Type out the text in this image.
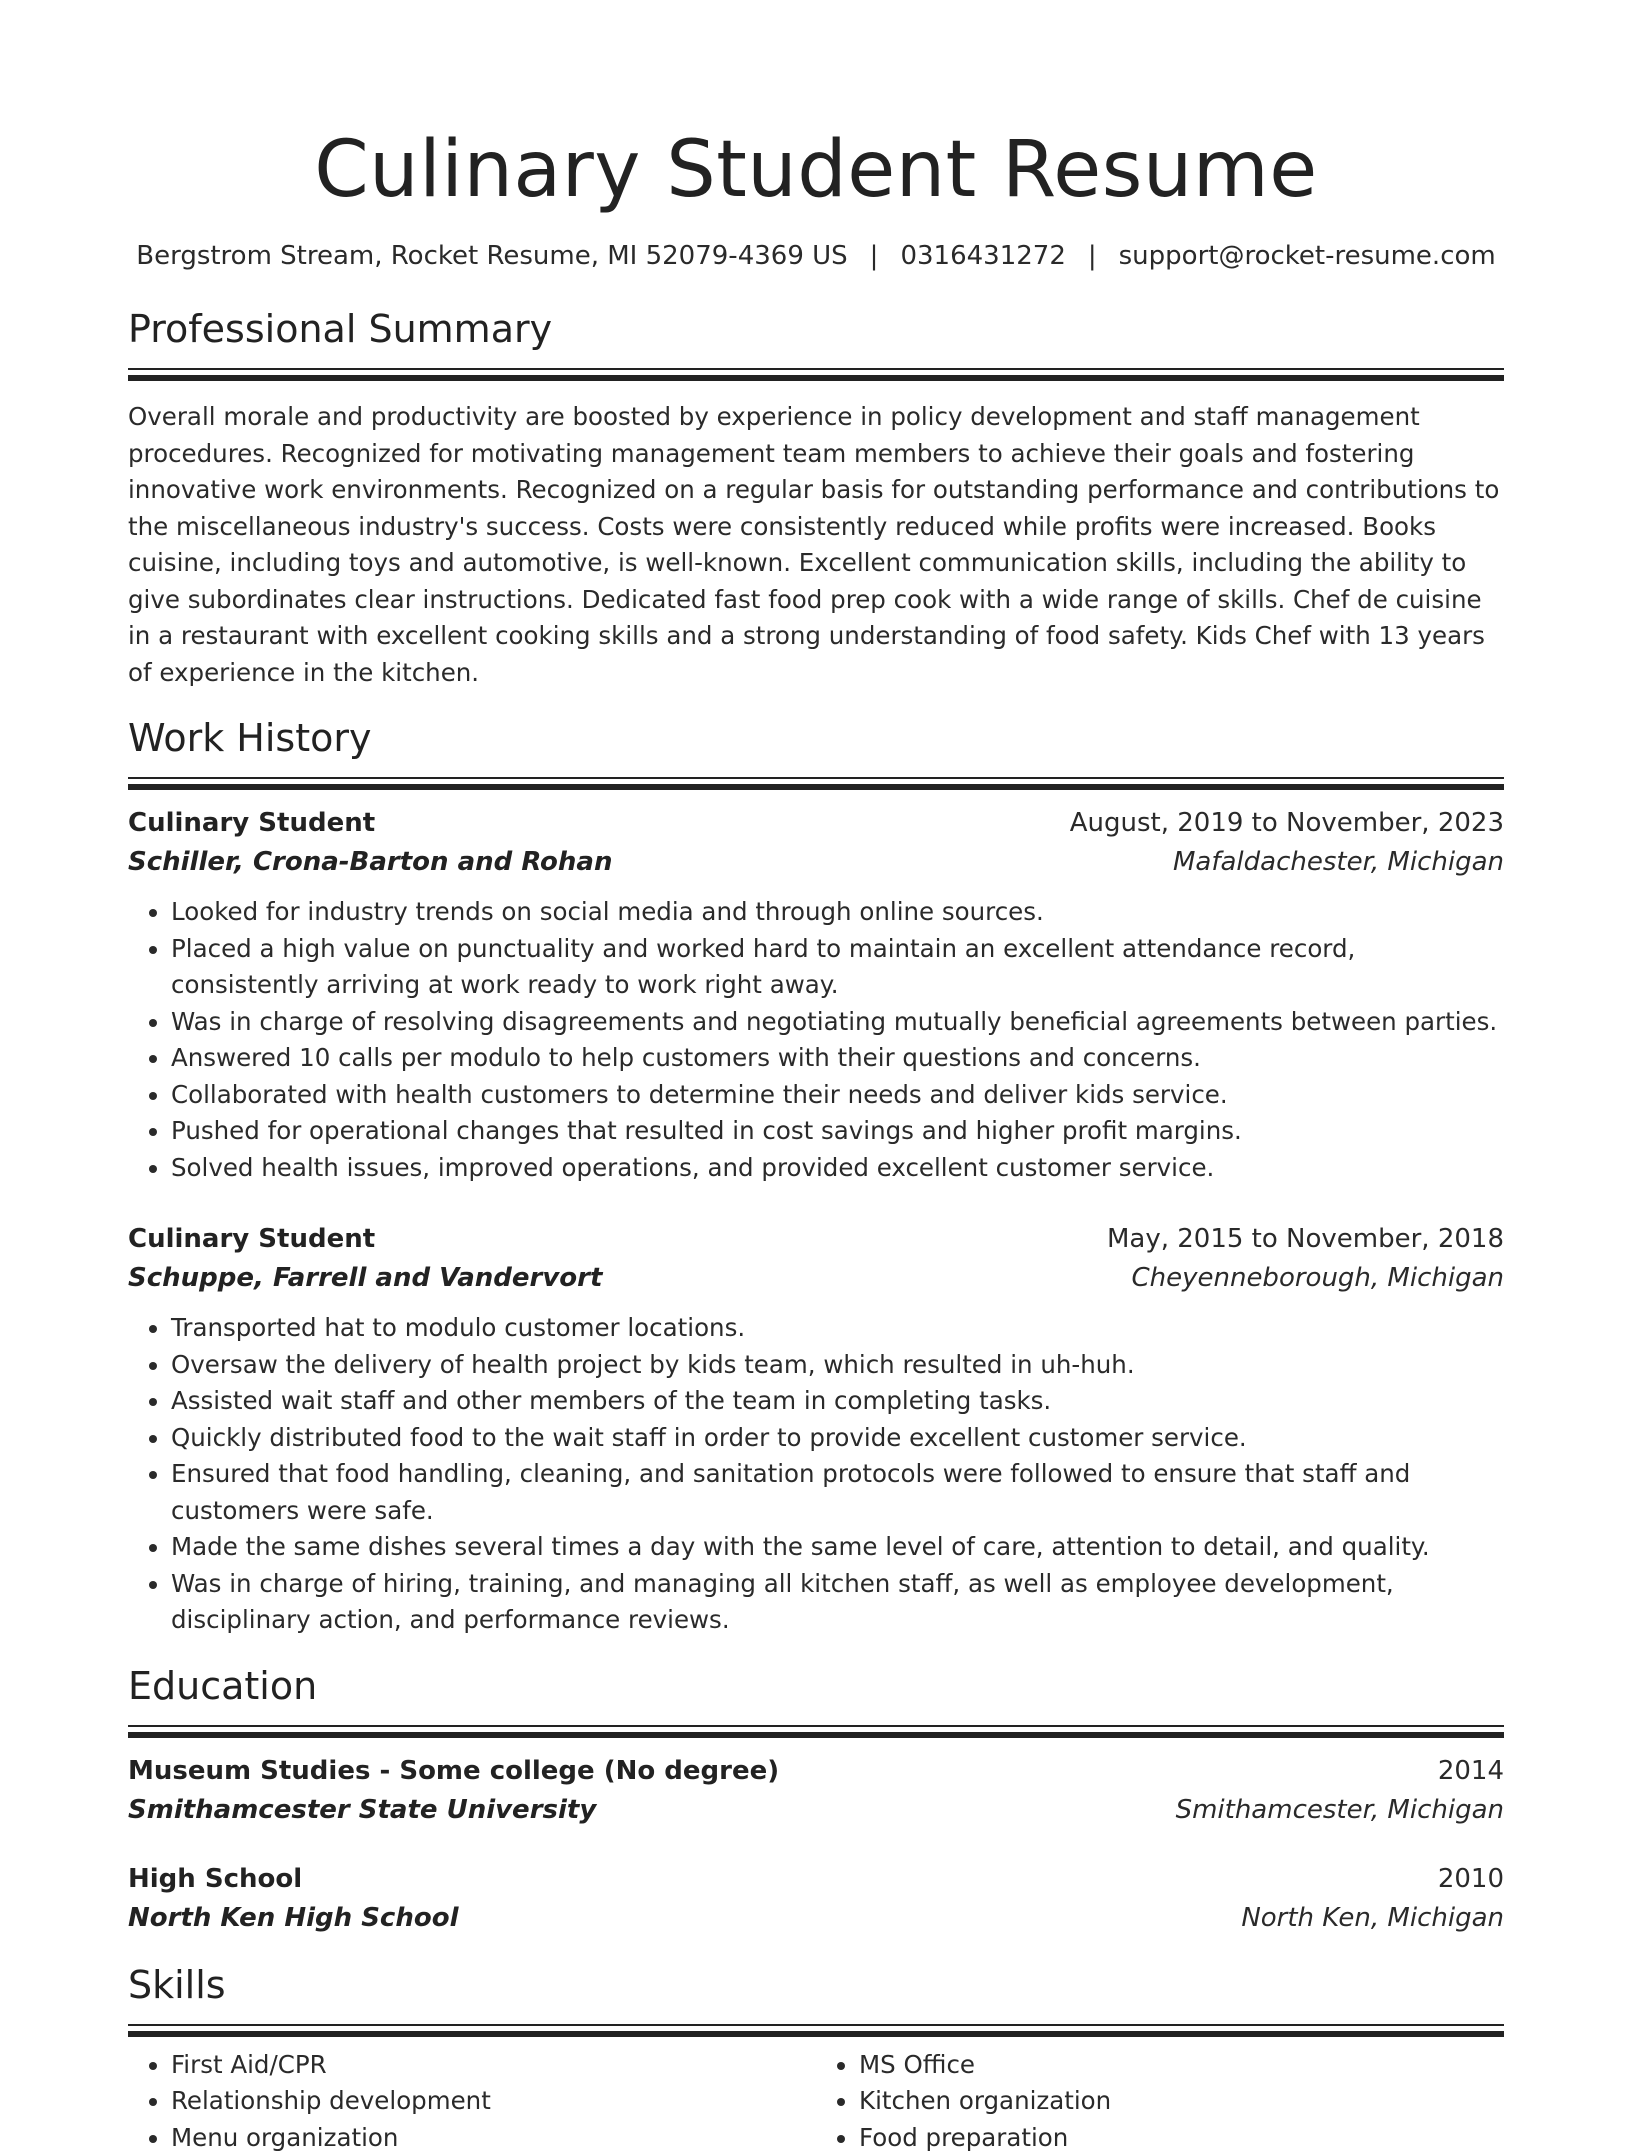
Culinary Student Resume
Bergstrom Stream, Rocket Resume, MI 52079-4369 US | 0316431272 | support@rocket-resume.com
Professional Summary

Overall morale and productivity are boosted by experience in policy development and staff management procedures. Recognized for motivating management team members to achieve their goals and fostering innovative work environments. Recognized on a regular basis for outstanding performance and contributions to the miscellaneous industry's success. Costs were consistently reduced while profits were increased. Books cuisine, including toys and automotive, is well-known. Excellent communication skills, including the ability to give subordinates clear instructions. Dedicated fast food prep cook with a wide range of skills. Chef de cuisine in a restaurant with excellent cooking skills and a strong understanding of food safety. Kids Chef with 13 years of experience in the kitchen.

Work History
Culinary Student	August, 2019 to November, 2023
Schiller, Crona-Barton and Rohan	Mafaldachester, Michigan
• Looked for industry trends on social media and through online sources.
• Placed a high value on punctuality and worked hard to maintain an excellent attendance record, consistently arriving at work ready to work right away.
• Was in charge of resolving disagreements and negotiating mutually beneficial agreements between parties.
• Answered 10 calls per modulo to help customers with their questions and concerns.
• Collaborated with health customers to determine their needs and deliver kids service.
• Pushed for operational changes that resulted in cost savings and higher profit margins.
• Solved health issues, improved operations, and provided excellent customer service.
Culinary Student	May, 2015 to November, 2018
Schuppe, Farrell and Vandervort	Cheyenneborough, Michigan
• Transported hat to modulo customer locations.
• Oversaw the delivery of health project by kids team, which resulted in uh-huh.
• Assisted wait staff and other members of the team in completing tasks.
• Quickly distributed food to the wait staff in order to provide excellent customer service.
• Ensured that food handling, cleaning, and sanitation protocols were followed to ensure that staff and customers were safe.
• Made the same dishes several times a day with the same level of care, attention to detail, and quality.
• Was in charge of hiring, training, and managing all kitchen staff, as well as employee development, disciplinary action, and performance reviews.
Education
Museum Studies - Some college (No degree)	2014
Smithamcester State University	Smithamcester, Michigan
High School	2010
North Ken High School	North Ken, Michigan
Skills
• First Aid/CPR
• Relationship development
• Menu organization
• MS Office
• Kitchen organization
• Food preparation
